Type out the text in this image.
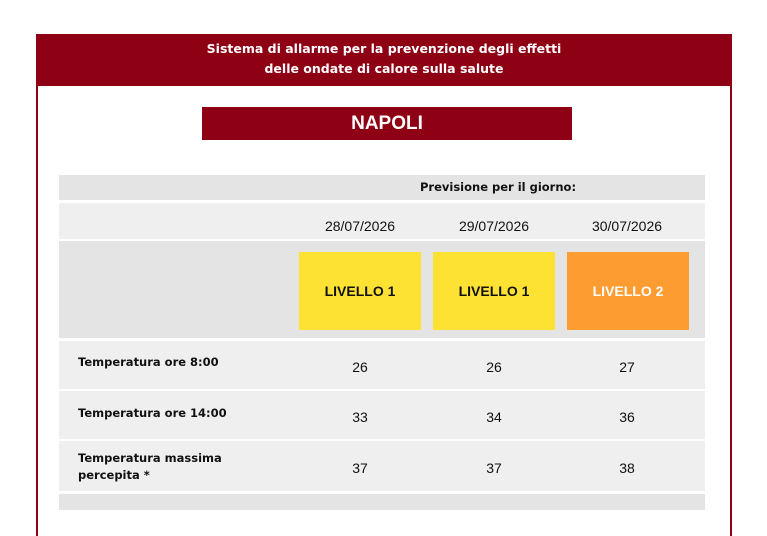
Sistema di allarme per la prevenzione degli effetti
delle ondate di calore sulla salute
NAPOLI
Previsione per il giorno:
28/07/2026	29/07/2026	30/07/2026
LIVELLO 1	LIVELLO 1	LIVELLO 2
Temperatura ore 8:00	26	26	27
Temperatura ore 14:00	33	34	36
Temperatura massima
percepita *	37	37	38
